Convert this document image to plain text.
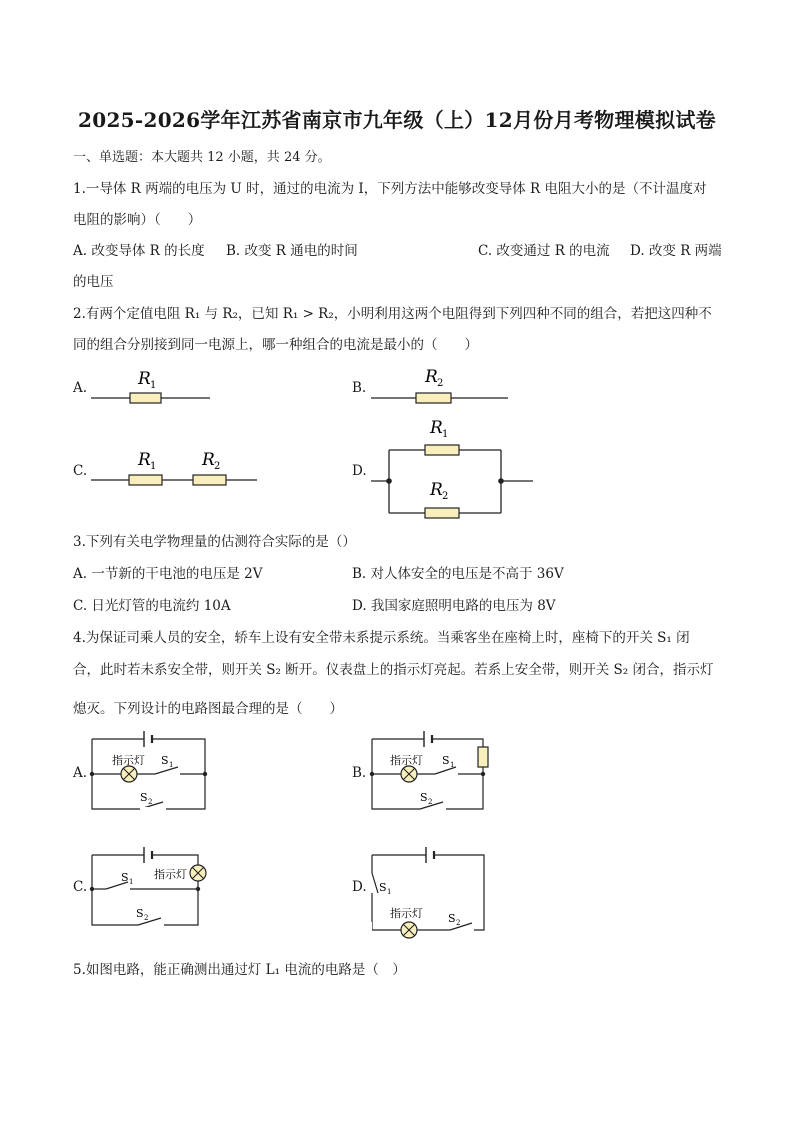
2025-2026学年江苏省南京市九年级（上）12月份月考物理模拟试卷
一、单选题：本大题共 12 小题，共 24 分。
1.一导体 R 两端的电压为 U 时，通过的电流为 I，下列方法中能够改变导体 R 电阻大小的是（不计温度对
电阻的影响）（　　）
A. 改变导体 R 的长度 B. 改变 R 通电的时间	C. 改变通过 R 的电流 D. 改变 R 两端
的电压
2.有两个定值电阻 R₁ 与 R₂，已知 R₁ > R₂，小明利用这两个电阻得到下列四种不同的组合，若把这四种不
同的组合分别接到同一电源上，哪一种组合的电流是最小的（　　）
A.	R 1	B.
R 2
C.
R 1	R 2	D.
R 1
R 2
3.下列有关电学物理量的估测符合实际的是（）
A. 一节新的干电池的电压是 2V	B. 对人体安全的电压是不高于 36V
C. 日光灯管的电流约 10A	D. 我国家庭照明电路的电压为 8V
4.为保证司乘人员的安全，轿车上设有安全带未系提示系统。当乘客坐在座椅上时，座椅下的开关 S₁ 闭
合，此时若未系安全带，则开关 S₂ 断开。仪表盘上的指示灯亮起。若系上安全带，则开关 S₂ 闭合，指示灯
熄灭。下列设计的电路图最合理的是（　　）
A.
指示灯 S 1
S 2
B.
指示灯 S 1
S 2
C.
S 1
指示灯
S 2
D. S 1
指示灯 S 2
5.如图电路，能正确测出通过灯 L₁ 电流的电路是（　）
